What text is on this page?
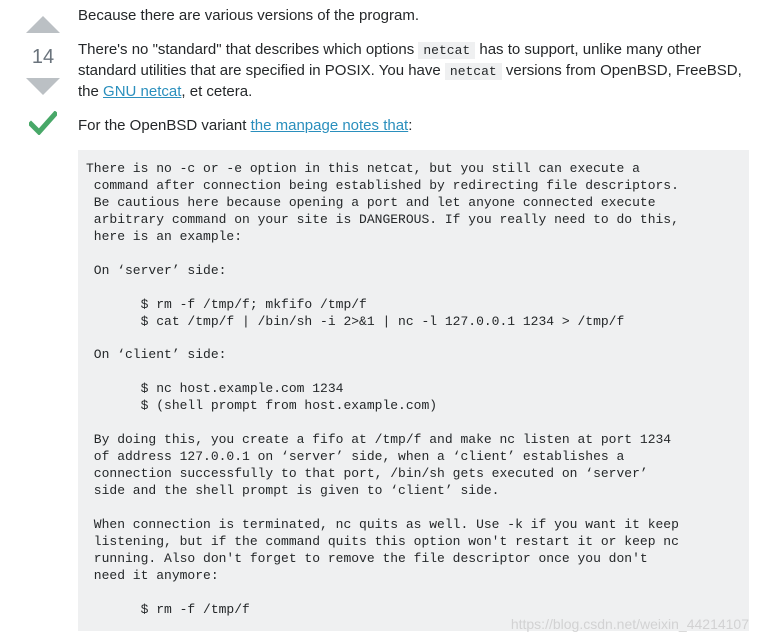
14

Because there are various versions of the program.

There's no "standard" that describes which options netcat has to support, unlike many other standard utilities that are specified in POSIX. You have netcat versions from OpenBSD, FreeBSD, the GNU netcat, et cetera.

For the OpenBSD variant the manpage notes that:

There is no -c or -e option in this netcat, but you still can execute a
command after connection being established by redirecting file descriptors.
Be cautious here because opening a port and let anyone connected execute
arbitrary command on your site is DANGEROUS. If you really need to do this,
here is an example:

On ‘server’ side:

$ rm -f /tmp/f; mkfifo /tmp/f
$ cat /tmp/f | /bin/sh -i 2>&1 | nc -l 127.0.0.1 1234 > /tmp/f

On ‘client’ side:

$ nc host.example.com 1234
$ (shell prompt from host.example.com)

By doing this, you create a fifo at /tmp/f and make nc listen at port 1234
of address 127.0.0.1 on ‘server’ side, when a ‘client’ establishes a
connection successfully to that port, /bin/sh gets executed on ‘server’
side and the shell prompt is given to ‘client’ side.

When connection is terminated, nc quits as well. Use -k if you want it keep
listening, but if the command quits this option won't restart it or keep nc
running. Also don't forget to remove the file descriptor once you don't
need it anymore:

$ rm -f /tmp/f
https://blog.csdn.net/weixin_44214107
